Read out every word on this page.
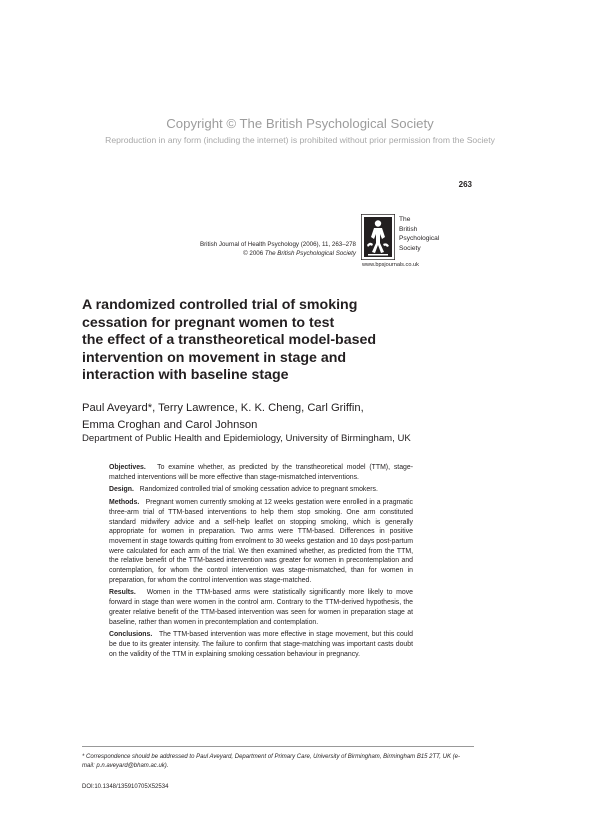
Copyright © The British Psychological Society
Reproduction in any form (including the internet) is prohibited without prior permission from the Society
263
British Journal of Health Psychology (2006), 11, 263–278
© 2006 The British Psychological Society
The
British
Psychological
Society
www.bpsjournals.co.uk
A randomized controlled trial of smoking
cessation for pregnant women to test
the effect of a transtheoretical model-based
intervention on movement in stage and
interaction with baseline stage
Paul Aveyard*, Terry Lawrence, K. K. Cheng, Carl Griffin,
Emma Croghan and Carol Johnson
Department of Public Health and Epidemiology, University of Birmingham, UK

Objectives. To examine whether, as predicted by the transtheoretical model (TTM), stage-matched interventions will be more effective than stage-mismatched interventions.

Design. Randomized controlled trial of smoking cessation advice to pregnant smokers.

Methods. Pregnant women currently smoking at 12 weeks gestation were enrolled in a pragmatic three-arm trial of TTM-based interventions to help them stop smoking. One arm constituted standard midwifery advice and a self-help leaflet on stopping smoking, which is generally appropriate for women in preparation. Two arms were TTM-based. Differences in positive movement in stage towards quitting from enrolment to 30 weeks gestation and 10 days post-partum were calculated for each arm of the trial. We then examined whether, as predicted from the TTM, the relative benefit of the TTM-based intervention was greater for women in precontemplation and contemplation, for whom the control intervention was stage-mismatched, than for women in preparation, for whom the control intervention was stage-matched.

Results. Women in the TTM-based arms were statistically significantly more likely to move forward in stage than were women in the control arm. Contrary to the TTM-derived hypothesis, the greater relative benefit of the TTM-based intervention was seen for women in preparation stage at baseline, rather than women in precontemplation and contemplation.

Conclusions. The TTM-based intervention was more effective in stage movement, but this could be due to its greater intensity. The failure to confirm that stage-matching was important casts doubt on the validity of the TTM in explaining smoking cessation behaviour in pregnancy.

* Correspondence should be addressed to Paul Aveyard, Department of Primary Care, University of Birmingham, Birmingham B15 2TT, UK (e-mail: p.n.aveyard@bham.ac.uk).
DOI:10.1348/135910705X52534
